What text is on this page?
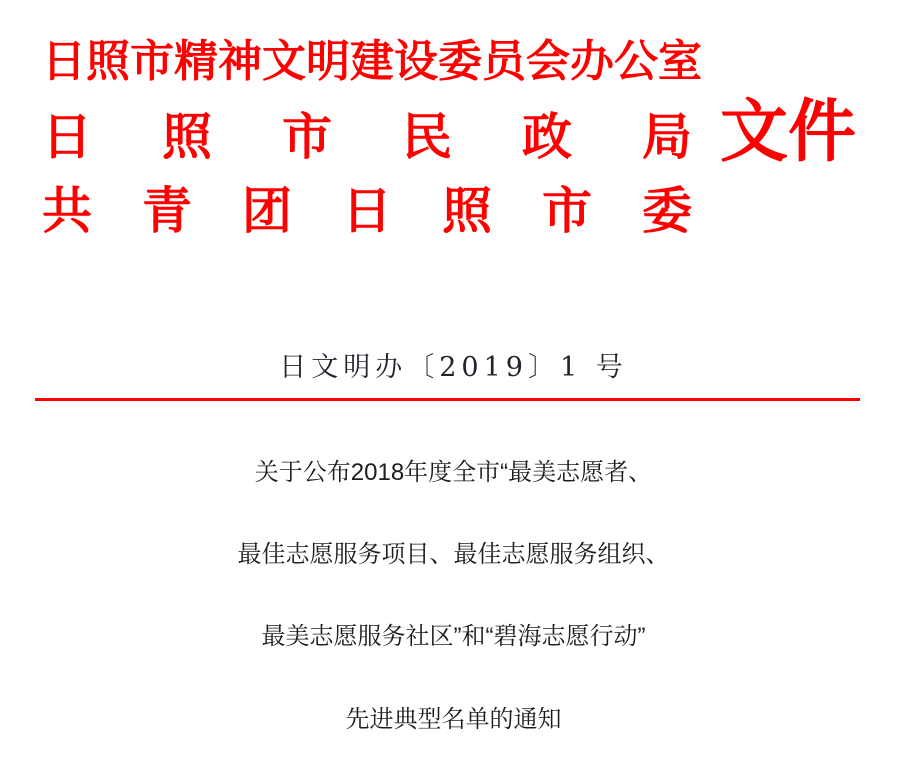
日照市精神文明建设委员会办公室
日照市民政局
文件
共青团日照市委
日文明办〔2019〕1 号

关于公布2018年度全市“最美志愿者、

最佳志愿服务项目、最佳志愿服务组织、

最美志愿服务社区”和“碧海志愿行动”

先进典型名单的通知
